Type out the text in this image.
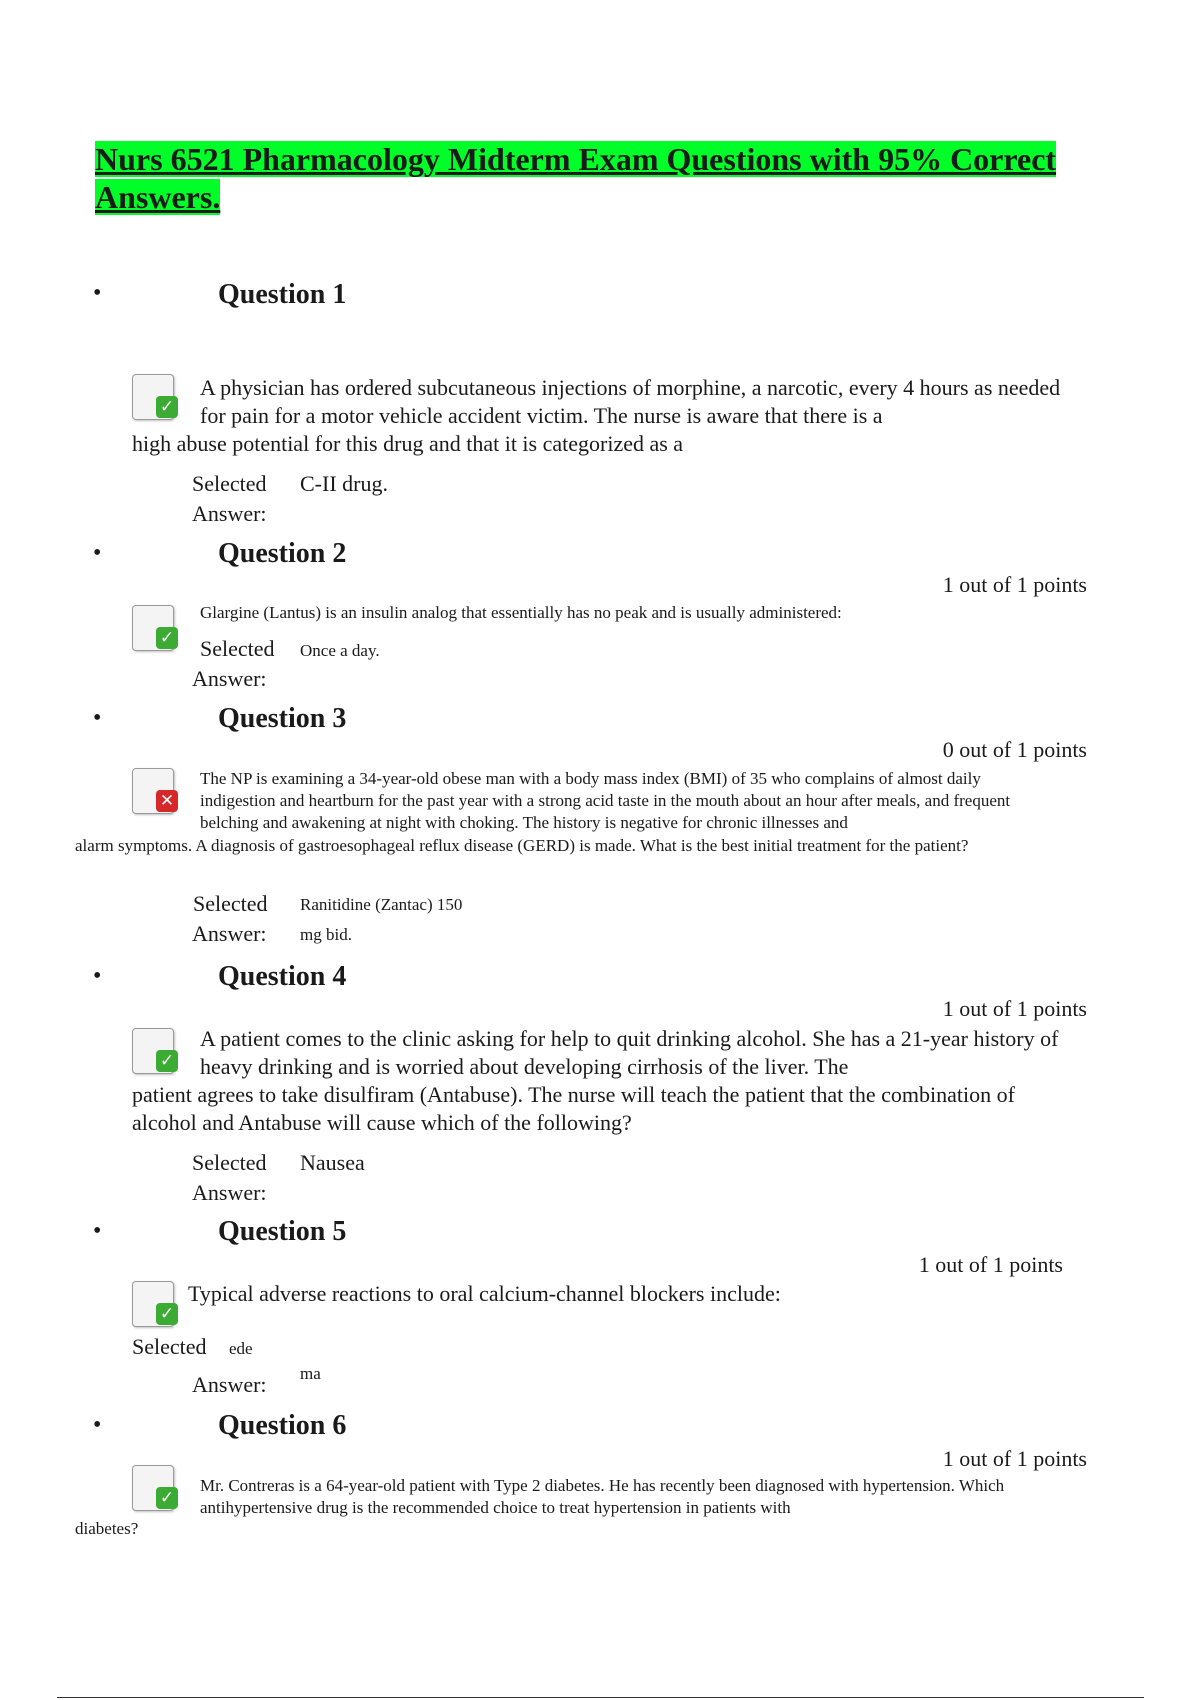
Nurs 6521 Pharmacology Midterm Exam Questions with 95% Correct Answers.
•	Question 1
✓
A physician has ordered subcutaneous injections of morphine, a narcotic, every 4 hours as needed for pain for a motor vehicle accident victim. The nurse is aware that there is a
high abuse potential for this drug and that it is categorized as a
Selected
Answer:
C-II drug.
•	Question 2
1 out of 1 points
✓
Glargine (Lantus) is an insulin analog that essentially has no peak and is usually administered:
Selected
Answer:
Once a day.
•	Question 3
0 out of 1 points
✕
The NP is examining a 34-year-old obese man with a body mass index (BMI) of 35 who complains of almost daily indigestion and heartburn for the past year with a strong acid taste in the mouth about an hour after meals, and frequent belching and awakening at night with choking. The history is negative for chronic illnesses and
alarm symptoms. A diagnosis of gastroesophageal reflux disease (GERD) is made. What is the best initial treatment for the patient?
Selected
Answer:
Ranitidine (Zantac) 150
mg bid.
•	Question 4
1 out of 1 points
✓
A patient comes to the clinic asking for help to quit drinking alcohol. She has a 21-year history of heavy drinking and is worried about developing cirrhosis of the liver. The
patient agrees to take disulfiram (Antabuse). The nurse will teach the patient that the combination of alcohol and Antabuse will cause which of the following?
Selected
Answer:
Nausea
•	Question 5
1 out of 1 points
✓
Typical adverse reactions to oral calcium-channel blockers include:
Selected
Answer:
ede
ma
•	Question 6
1 out of 1 points
✓
Mr. Contreras is a 64-year-old patient with Type 2 diabetes. He has recently been diagnosed with hypertension. Which antihypertensive drug is the recommended choice to treat hypertension in patients with
diabetes?
